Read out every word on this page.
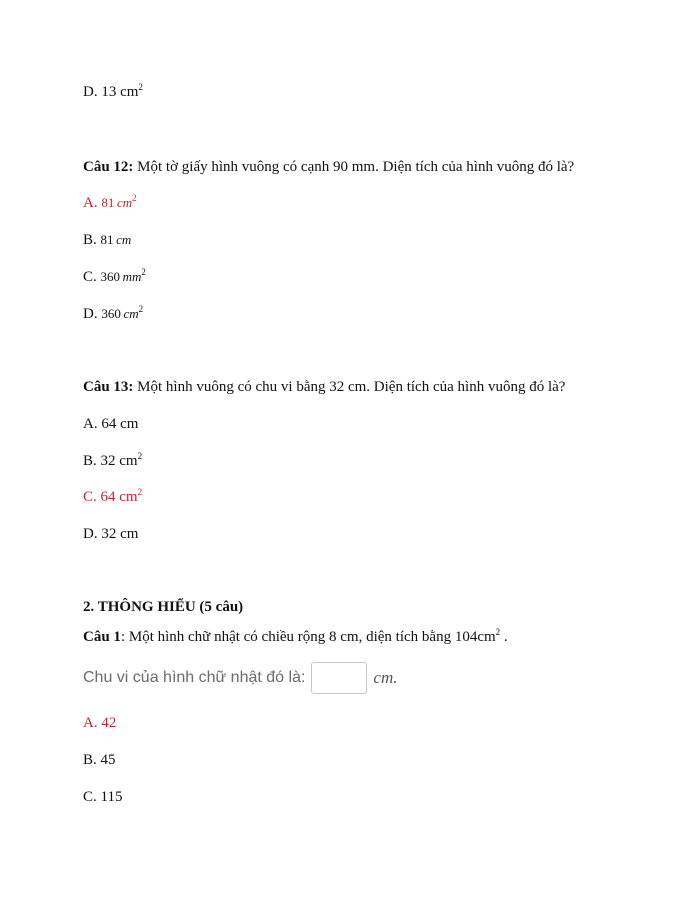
D. 13 $cm^2$
Câu 12: Một tờ giấy hình vuông có cạnh 90 mm. Diện tích của hình vuông đó là?
A. 81  $cm^2$
B. 81  cm
C. 360  $mm^2$
D. 360  $cm^2$
Câu 13: Một hình vuông có chu vi bằng 32 cm. Diện tích của hình vuông đó là?
A. 64 cm
B. 32 $cm^2$
C. 64 $cm^2$
D. 32 cm
2. THÔNG HIỂU (5 câu)
Câu 1: Một hình chữ nhật có chiều rộng 8 cm, diện tích bằng $104cm^2$ .
Chu vi của hình chữ nhật đó là:	cm.
A. 42
B. 45
C. 115
